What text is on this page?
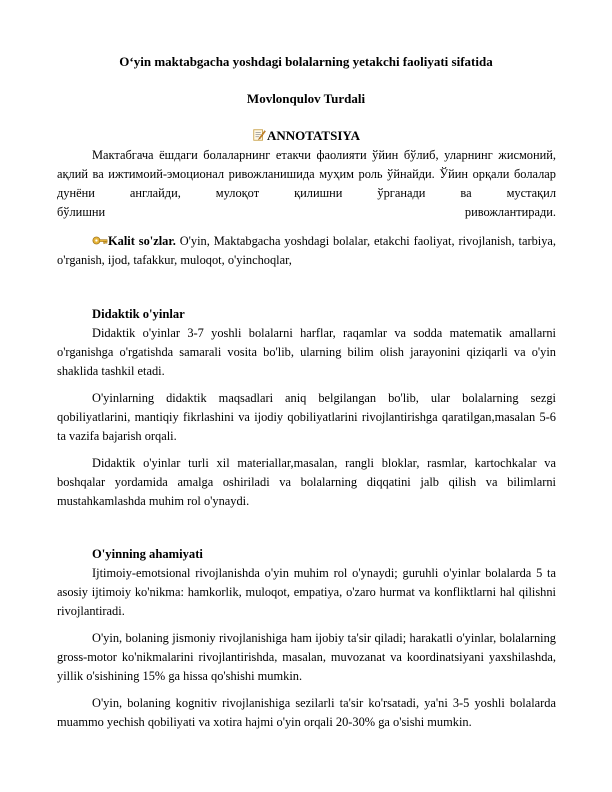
O‘yin maktabgacha yoshdagi bolalarning yetakchi faoliyati sifatida
Movlonqulov Turdali
ANNOTATSIYA

Мактабгача ёшдаги болаларнинг етакчи фаолияти ўйин бўлиб, уларнинг жисмоний, ақлий ва ижтимоий-эмоционал ривожланишида муҳим роль ўйнайди. Ўйин орқали болалар дунёни англайди, мулоқот қилишни ўрганади ва мустақил

бўлишни ривожлантиради.

Kalit so'zlar. O'yin, Maktabgacha yoshdagi bolalar, etakchi faoliyat, rivojlanish, tarbiya, o'rganish, ijod, tafakkur, muloqot, o'yinchoqlar,

Didaktik o'yinlar

Didaktik o'yinlar 3-7 yoshli bolalarni harflar, raqamlar va sodda matematik amallarni o'rganishga o'rgatishda samarali vosita bo'lib, ularning bilim olish jarayonini qiziqarli va o'yin shaklida tashkil etadi.

O'yinlarning didaktik maqsadlari aniq belgilangan bo'lib, ular bolalarning sezgi qobiliyatlarini, mantiqiy fikrlashini va ijodiy qobiliyatlarini rivojlantirishga qaratilgan,masalan 5-6 ta vazifa bajarish orqali.

Didaktik o'yinlar turli xil materiallar,masalan, rangli bloklar, rasmlar, kartochkalar va boshqalar yordamida amalga oshiriladi va bolalarning diqqatini jalb qilish va bilimlarni mustahkamlashda muhim rol o'ynaydi.

O'yinning ahamiyati

Ijtimoiy-emotsional rivojlanishda o'yin muhim rol o'ynaydi; guruhli o'yinlar bolalarda 5 ta asosiy ijtimoiy ko'nikma: hamkorlik, muloqot, empatiya, o'zaro hurmat va konfliktlarni hal qilishni rivojlantiradi.

O'yin, bolaning jismoniy rivojlanishiga ham ijobiy ta'sir qiladi; harakatli o'yinlar, bolalarning gross-motor ko'nikmalarini rivojlantirishda, masalan, muvozanat va koordinatsiyani yaxshilashda, yillik o'sishining 15% ga hissa qo'shishi mumkin.

O'yin, bolaning kognitiv rivojlanishiga sezilarli ta'sir ko'rsatadi, ya'ni 3-5 yoshli bolalarda muammo yechish qobiliyati va xotira hajmi o'yin orqali 20-30% ga o'sishi mumkin.
